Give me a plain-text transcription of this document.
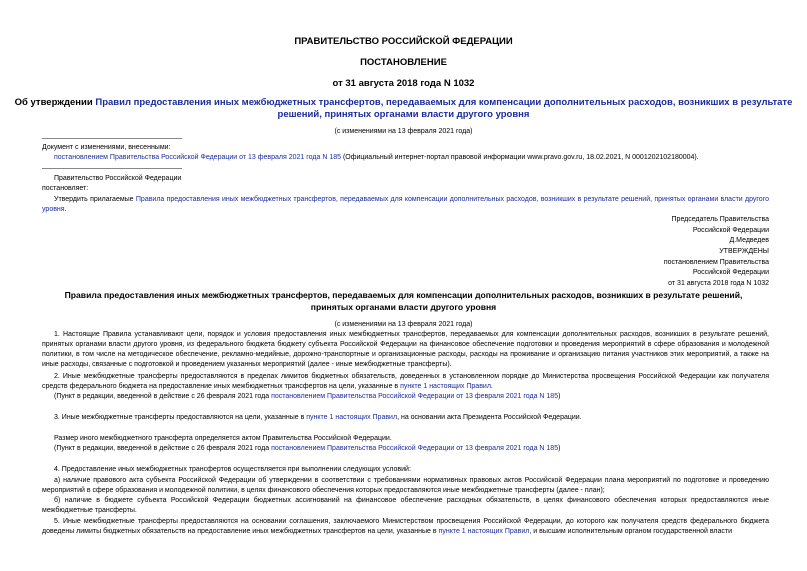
ПРАВИТЕЛЬСТВО РОССИЙСКОЙ ФЕДЕРАЦИИ
ПОСТАНОВЛЕНИЕ
от 31 августа 2018 года N 1032
Об утверждении Правил предоставления иных межбюджетных трансфертов, передаваемых для компенсации дополнительных расходов, возникших в результате
решений, принятых органами власти другого уровня
(с изменениями на 13 февраля 2021 года)
Документ с изменениями, внесенными:
постановлением Правительства Российской Федерации от 13 февраля 2021 года N 185 (Официальный интернет-портал правовой информации www.pravo.gov.ru, 18.02.2021, N 0001202102180004).
Правительство Российской Федерации
постановляет:
Утвердить прилагаемые Правила предоставления иных межбюджетных трансфертов, передаваемых для компенсации дополнительных расходов, возникших в результате решений, принятых органами власти другого уровня.
Председатель Правительства
Российской Федерации
Д.Медведев
УТВЕРЖДЕНЫ
постановлением Правительства
Российской Федерации
от 31 августа 2018 года N 1032
Правила предоставления иных межбюджетных трансфертов, передаваемых для компенсации дополнительных расходов, возникших в результате решений,
принятых органами власти другого уровня
(с изменениями на 13 февраля 2021 года)
1. Настоящие Правила устанавливают цели, порядок и условия предоставления иных межбюджетных трансфертов, передаваемых для компенсации дополнительных расходов, возникших в результате решений, принятых органами власти другого уровня, из федерального бюджета бюджету субъекта Российской Федерации на финансовое обеспечение подготовки и проведения мероприятий в сфере образования и молодежной политики, в том числе на методическое обеспечение, рекламно-медийные, дорожно-транспортные и организационные расходы, расходы на проживание и организацию питания участников этих мероприятий, а также на иные расходы, связанные с подготовкой и проведением указанных мероприятий (далее - иные межбюджетные трансферты).
2. Иные межбюджетные трансферты предоставляются в пределах лимитов бюджетных обязательств, доведенных в установленном порядке до Министерства просвещения Российской Федерации как получателя средств федерального бюджета на предоставление иных межбюджетных трансфертов на цели, указанные в пункте 1 настоящих Правил.
(Пункт в редакции, введенной в действие с 26 февраля 2021 года постановлением Правительства Российской Федерации от 13 февраля 2021 года N 185)
3. Иные межбюджетные трансферты предоставляются на цели, указанные в пункте 1 настоящих Правил, на основании акта Президента Российской Федерации.
Размер иного межбюджетного трансферта определяется актом Правительства Российской Федерации.
(Пункт в редакции, введенной в действие с 26 февраля 2021 года постановлением Правительства Российской Федерации от 13 февраля 2021 года N 185)
4. Предоставление иных межбюджетных трансфертов осуществляется при выполнении следующих условий:
а) наличие правового акта субъекта Российской Федерации об утверждении в соответствии с требованиями нормативных правовых актов Российской Федерации плана мероприятий по подготовке и проведению мероприятий в сфере образования и молодежной политики, в целях финансового обеспечения которых предоставляются иные межбюджетные трансферты (далее - план);
б) наличие в бюджете субъекта Российской Федерации бюджетных ассигнований на финансовое обеспечение расходных обязательств, в целях финансового обеспечения которых предоставляются иные межбюджетные трансферты.
5. Иные межбюджетные трансферты предоставляются на основании соглашения, заключаемого Министерством просвещения Российской Федерации, до которого как получателя средств федерального бюджета доведены лимиты бюджетных обязательств на предоставление иных межбюджетных трансфертов на цели, указанные в пункте 1 настоящих Правил, и высшим исполнительным органом государственной власти
